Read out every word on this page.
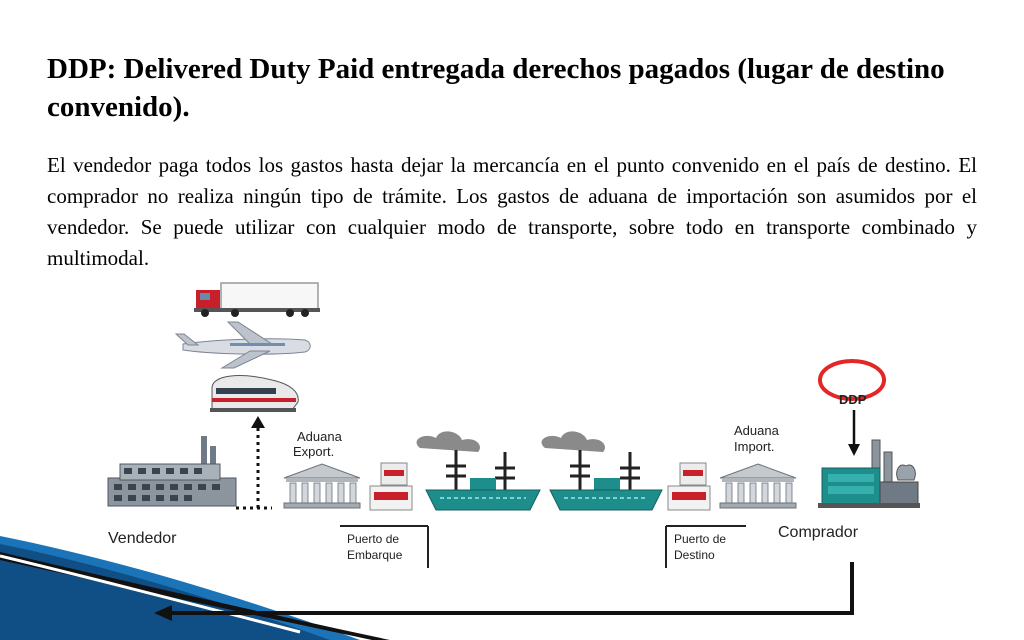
DDP: Delivered Duty Paid entregada derechos pagados (lugar de destino convenido).

El vendedor paga todos los gastos hasta dejar la mercancía en el punto convenido en el país de destino. El comprador no realiza ningún tipo de trámite. Los gastos de aduana de importación son asumidos por el vendedor. Se puede utilizar con cualquier modo de transporte, sobre todo en transporte combinado y multimodal.

Vendedor
Aduana
Export.
Aduana
Import.
DDP
Comprador
Puerto de
Embarque
Puerto de
Destino
